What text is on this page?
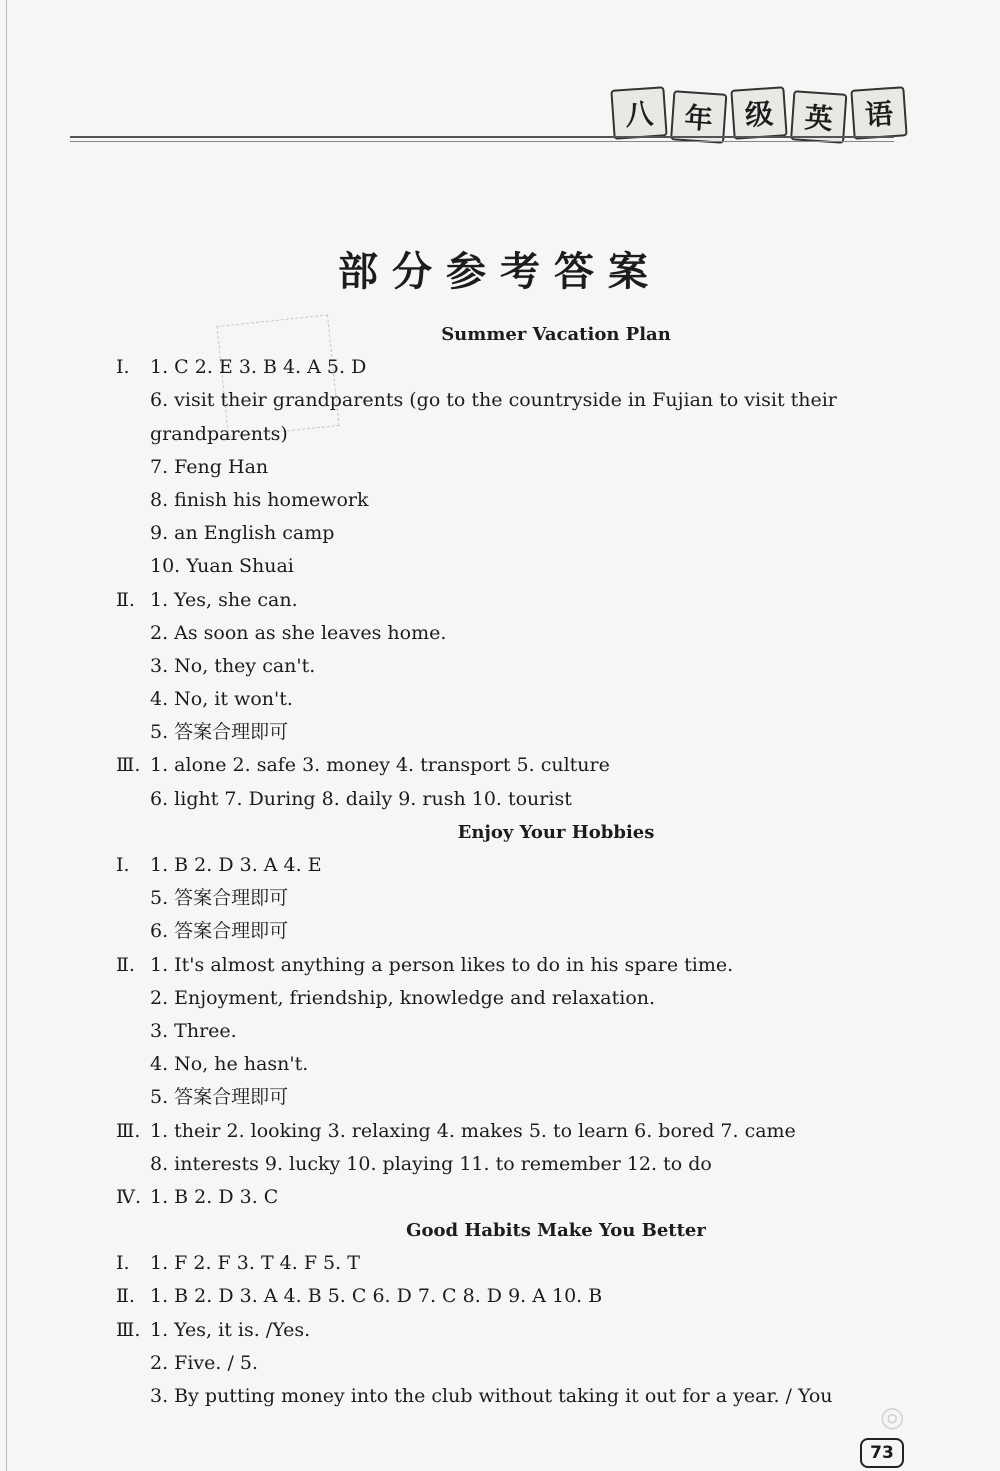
八	年	级	英	语
部分参考答案
Summer Vacation Plan
Ⅰ. 1. C 2. E 3. B 4. A 5. D
6. visit their grandparents (go to the countryside in Fujian to visit their grandparents)
7. Feng Han
8. finish his homework
9. an English camp
10. Yuan Shuai
Ⅱ. 1. Yes, she can.
2. As soon as she leaves home.
3. No, they can't.
4. No, it won't.
5. 答案合理即可
Ⅲ. 1. alone 2. safe 3. money 4. transport 5. culture
6. light 7. During 8. daily 9. rush 10. tourist
Enjoy Your Hobbies
Ⅰ. 1. B 2. D 3. A 4. E
5. 答案合理即可
6. 答案合理即可
Ⅱ. 1. It's almost anything a person likes to do in his spare time.
2. Enjoyment, friendship, knowledge and relaxation.
3. Three.
4. No, he hasn't.
5. 答案合理即可
Ⅲ. 1. their 2. looking 3. relaxing 4. makes 5. to learn 6. bored 7. came
8. interests 9. lucky 10. playing 11. to remember 12. to do
Ⅳ. 1. B 2. D 3. C
Good Habits Make You Better
Ⅰ. 1. F 2. F 3. T 4. F 5. T
Ⅱ. 1. B 2. D 3. A 4. B 5. C 6. D 7. C 8. D 9. A 10. B
Ⅲ. 1. Yes, it is. /Yes.
2. Five. / 5.
3. By putting money into the club without taking it out for a year. / You
◎
73
